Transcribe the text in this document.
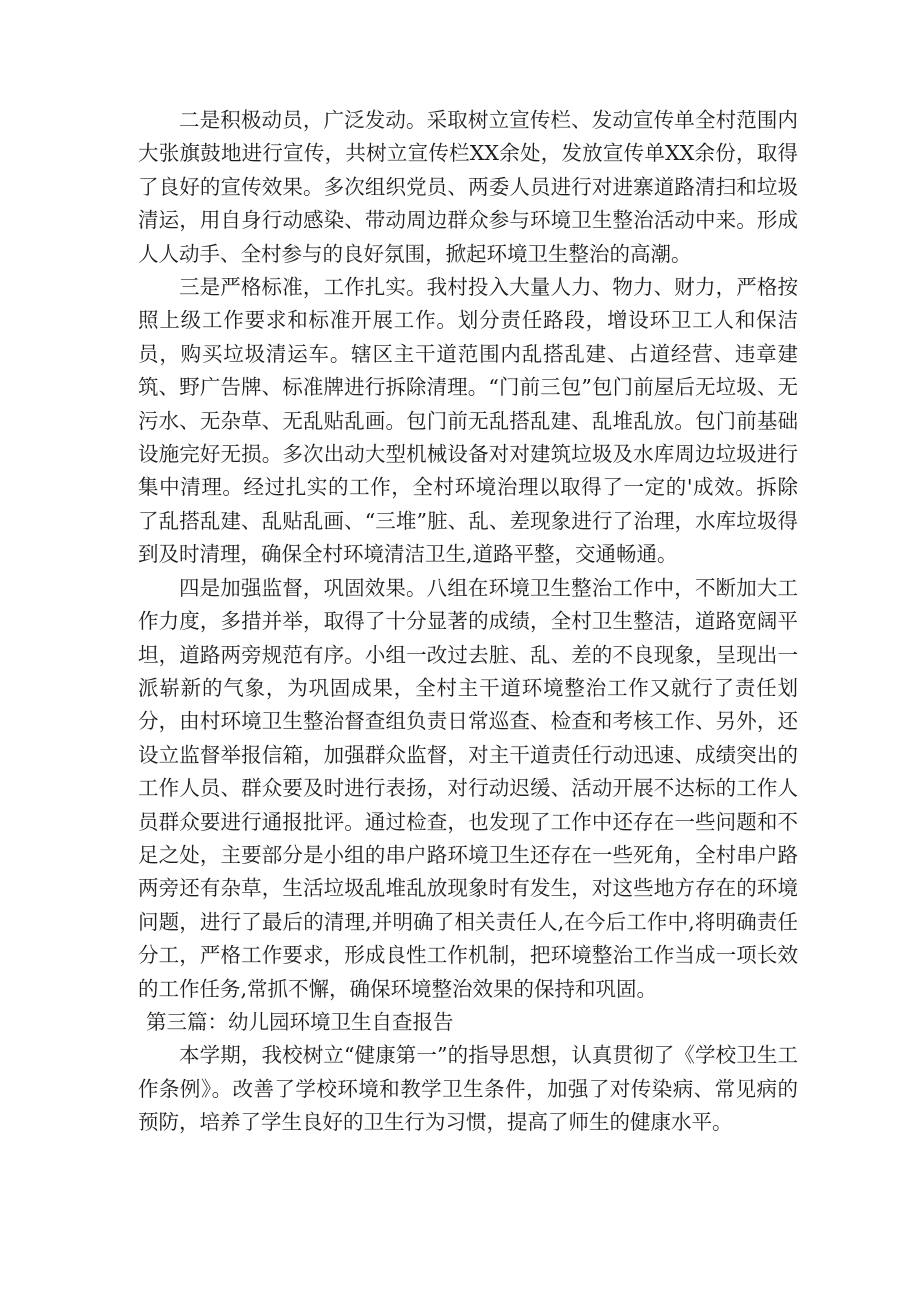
二是积极动员，广泛发动。采取树立宣传栏、发动宣传单全村范围内大张旗鼓地进行宣传，共树立宣传栏XX余处，发放宣传单XX余份，取得了良好的宣传效果。多次组织党员、两委人员进行对进寨道路清扫和垃圾清运，用自身行动感染、带动周边群众参与环境卫生整治活动中来。形成人人动手、全村参与的良好氛围，掀起环境卫生整治的高潮。

三是严格标准，工作扎实。我村投入大量人力、物力、财力，严格按照上级工作要求和标准开展工作。划分责任路段，增设环卫工人和保洁员，购买垃圾清运车。辖区主干道范围内乱搭乱建、占道经营、违章建筑、野广告牌、标准牌进行拆除清理。“门前三包”包门前屋后无垃圾、无污水、无杂草、无乱贴乱画。包门前无乱搭乱建、乱堆乱放。包门前基础设施完好无损。多次出动大型机械设备对对建筑垃圾及水库周边垃圾进行集中清理。经过扎实的工作，全村环境治理以取得了一定的'成效。拆除了乱搭乱建、乱贴乱画、“三堆”脏、乱、差现象进行了治理，水库垃圾得到及时清理，确保全村环境清洁卫生,道路平整，交通畅通。

四是加强监督，巩固效果。八组在环境卫生整治工作中，不断加大工作力度，多措并举，取得了十分显著的成绩，全村卫生整洁，道路宽阔平坦，道路两旁规范有序。小组一改过去脏、乱、差的不良现象，呈现出一派崭新的气象，为巩固成果，全村主干道环境整治工作又就行了责任划分，由村环境卫生整治督查组负责日常巡查、检查和考核工作、另外，还设立监督举报信箱，加强群众监督，对主干道责任行动迅速、成绩突出的工作人员、群众要及时进行表扬，对行动迟缓、活动开展不达标的工作人员群众要进行通报批评。通过检查，也发现了工作中还存在一些问题和不足之处，主要部分是小组的串户路环境卫生还存在一些死角，全村串户路两旁还有杂草，生活垃圾乱堆乱放现象时有发生，对这些地方存在的环境问题，进行了最后的清理,并明确了相关责任人,在今后工作中,将明确责任分工，严格工作要求，形成良性工作机制，把环境整治工作当成一项长效的工作任务,常抓不懈，确保环境整治效果的保持和巩固。

第三篇：幼儿园环境卫生自查报告

本学期，我校树立“健康第一”的指导思想，认真贯彻了《学校卫生工作条例》。改善了学校环境和教学卫生条件，加强了对传染病、常见病的预防，培养了学生良好的卫生行为习惯，提高了师生的健康水平。
